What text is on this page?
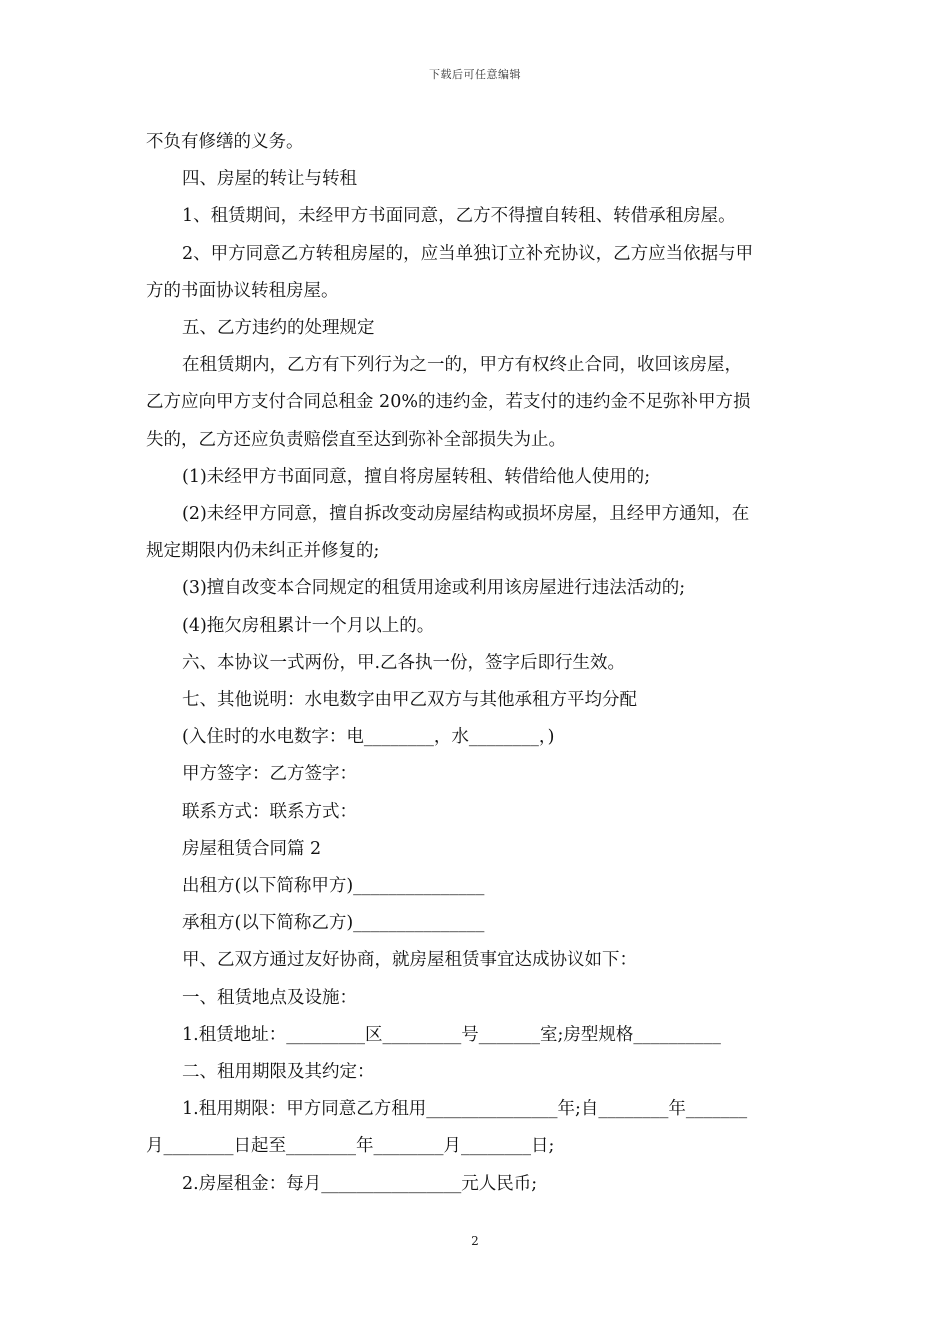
下载后可任意编辑
不负有修缮的义务。
四、房屋的转让与转租
1、租赁期间，未经甲方书面同意，乙方不得擅自转租、转借承租房屋。
2、甲方同意乙方转租房屋的，应当单独订立补充协议，乙方应当依据与甲
方的书面协议转租房屋。
五、乙方违约的处理规定
在租赁期内，乙方有下列行为之一的，甲方有权终止合同，收回该房屋，
乙方应向甲方支付合同总租金 20%的违约金，若支付的违约金不足弥补甲方损
失的，乙方还应负责赔偿直至达到弥补全部损失为止。
(1)未经甲方书面同意，擅自将房屋转租、转借给他人使用的;
(2)未经甲方同意，擅自拆改变动房屋结构或损坏房屋，且经甲方通知，在
规定期限内仍未纠正并修复的;
(3)擅自改变本合同规定的租赁用途或利用该房屋进行违法活动的;
(4)拖欠房租累计一个月以上的。
六、本协议一式两份，甲.乙各执一份，签字后即行生效。
七、其他说明：水电数字由甲乙双方与其他承租方平均分配
(入住时的水电数字：电________，水________，)
甲方签字：乙方签字：
联系方式：联系方式：
房屋租赁合同篇 2
出租方(以下简称甲方)_______________
承租方(以下简称乙方)_______________
甲、乙双方通过友好协商，就房屋租赁事宜达成协议如下：
一、租赁地点及设施：
1.租赁地址：_________区_________号_______室;房型规格__________
二、租用期限及其约定：
1.租用期限：甲方同意乙方租用_______________年;自________年_______
月________日起至________年________月________日;
2.房屋租金：每月________________元人民币;
2
